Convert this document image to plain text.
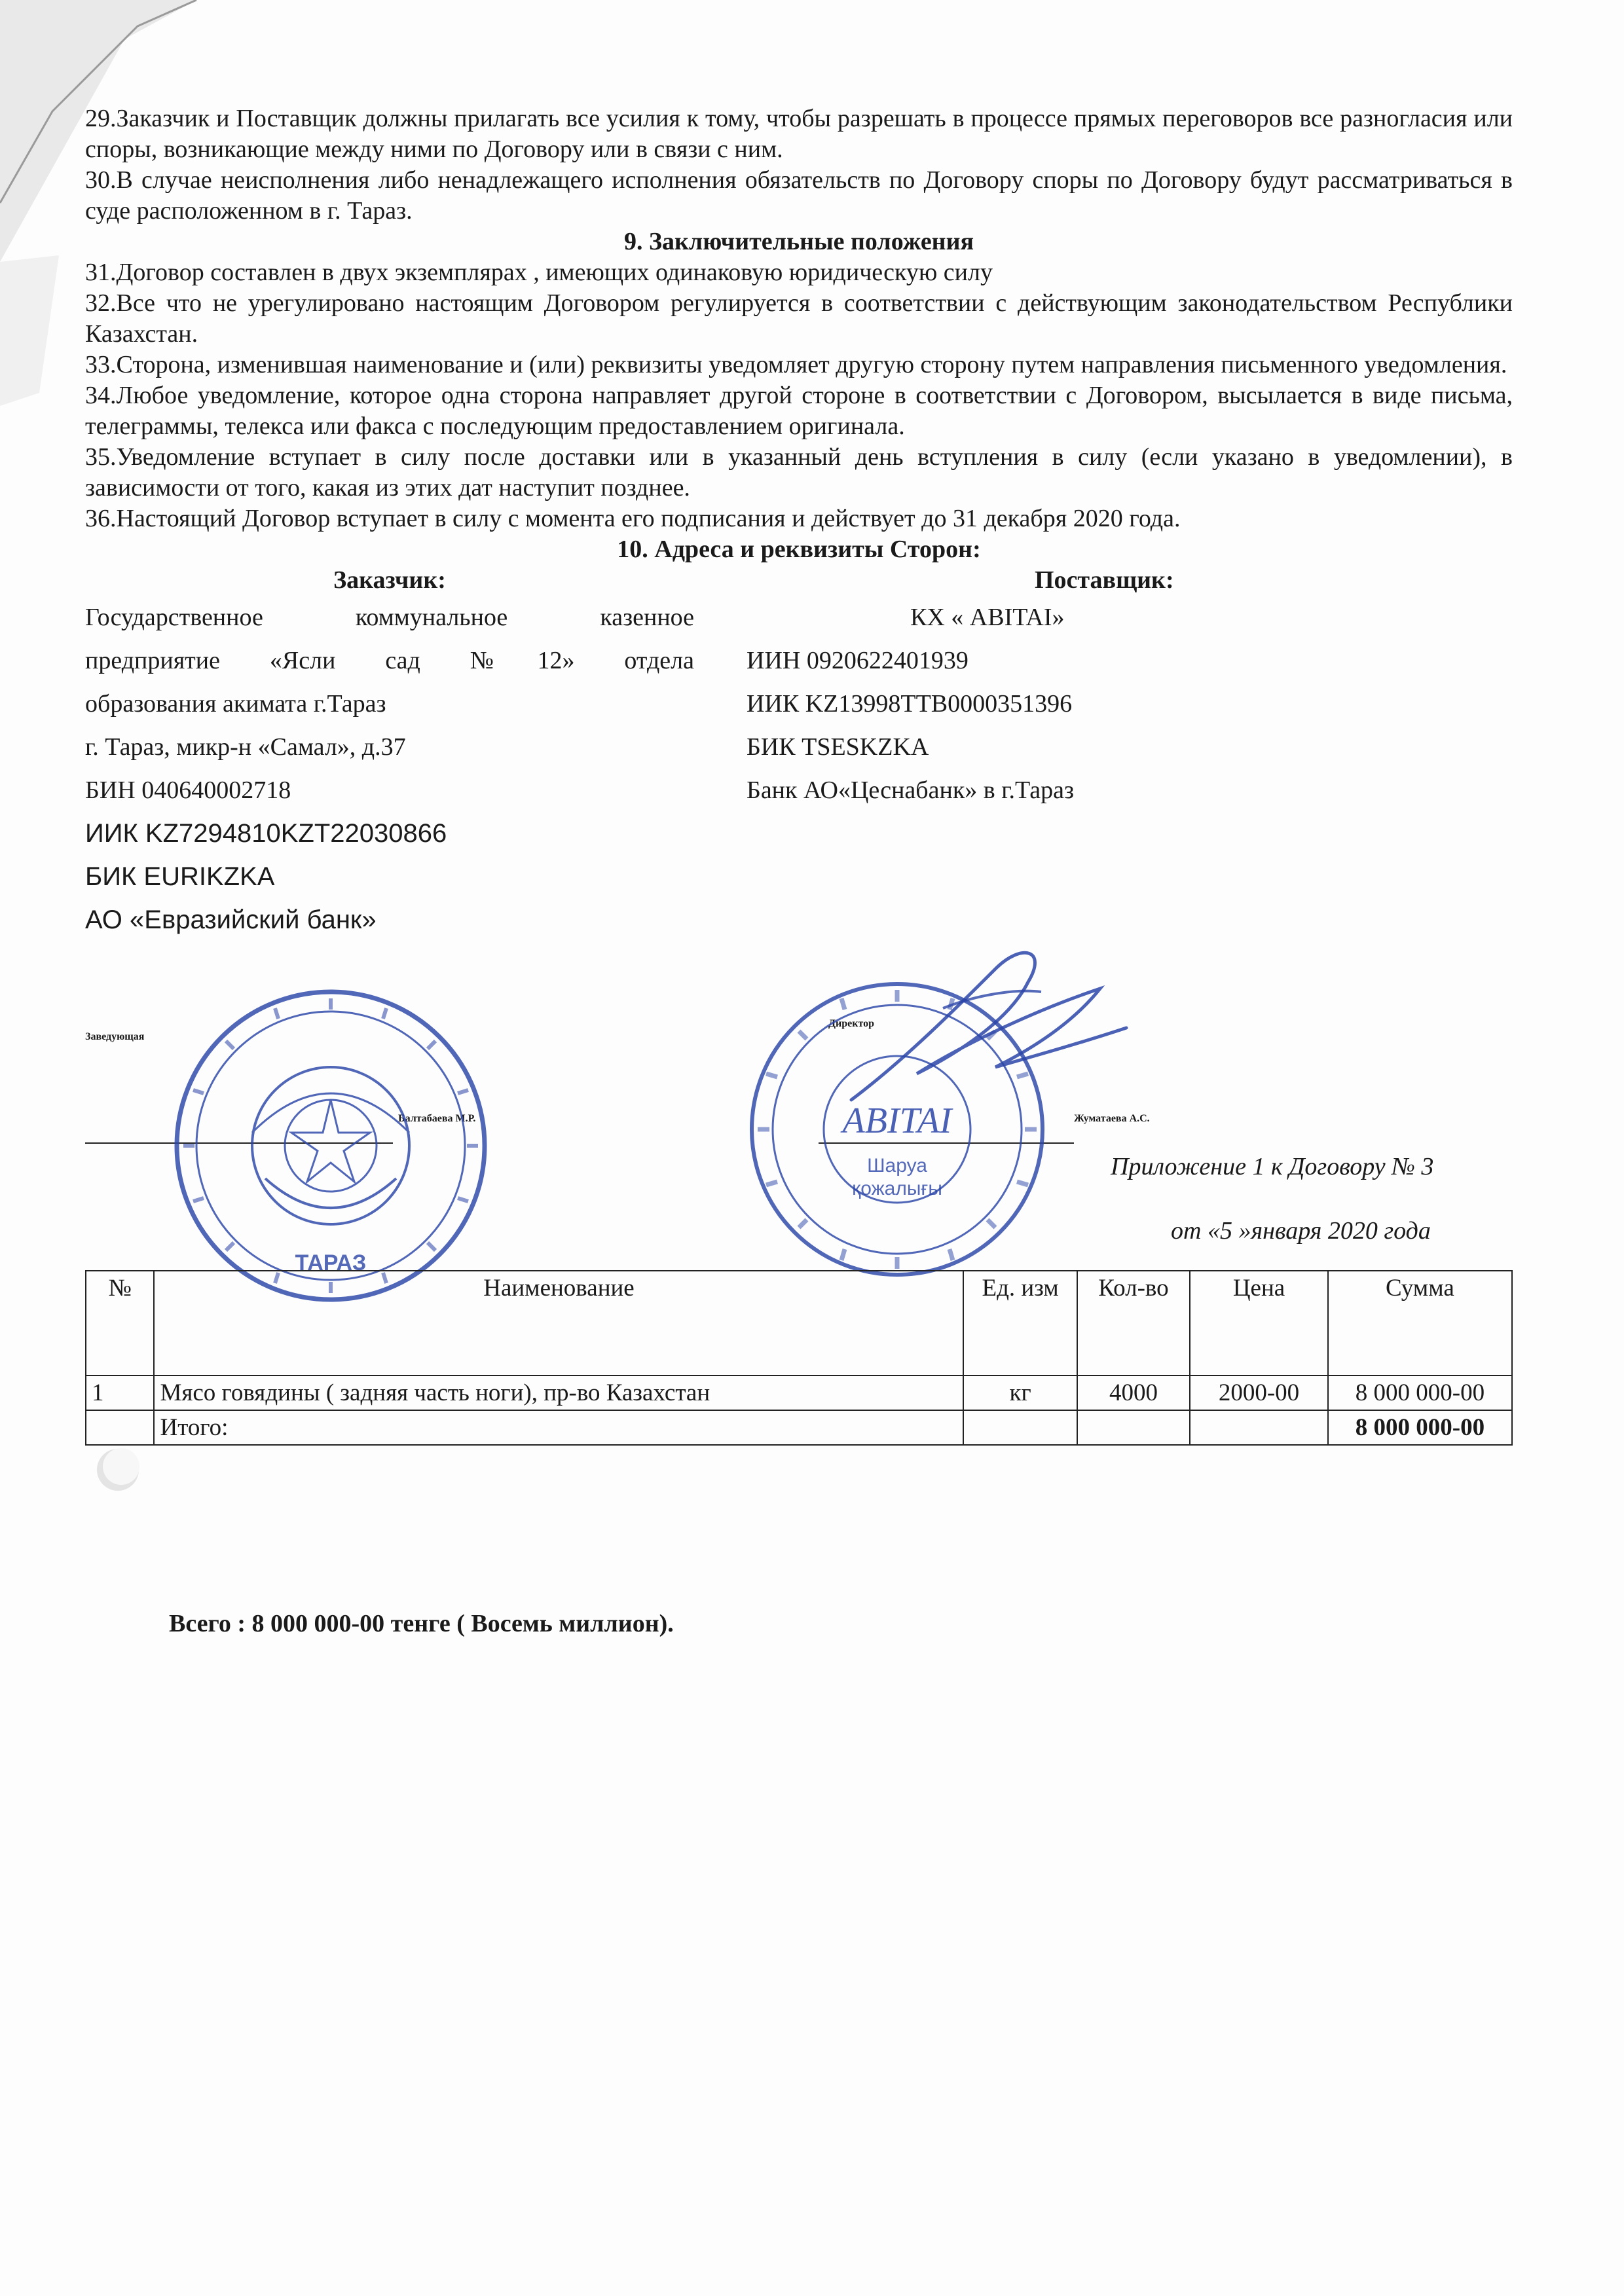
29.Заказчик и Поставщик должны прилагать все усилия к тому, чтобы разрешать в процессе прямых переговоров все разногласия или споры, возникающие между ними по Договору или в связи с ним.

30.В случае неисполнения либо ненадлежащего исполнения обязательств по Договору споры по Договору будут рассматриваться в суде расположенном в г. Тараз.

9. Заключительные положения

31.Договор составлен в двух экземплярах , имеющих одинаковую юридическую силу

32.Все что не урегулировано настоящим Договором регулируется в соответствии с действующим законодательством Республики Казахстан.

33.Сторона, изменившая наименование и (или) реквизиты уведомляет другую сторону путем направления письменного уведомления.

34.Любое уведомление, которое одна сторона направляет другой стороне в соответствии с Договором, высылается в виде письма, телеграммы, телекса или факса с последующим предоставлением оригинала.

35.Уведомление вступает в силу после доставки или в указанный день вступления в силу (если указано в уведомлении), в зависимости от того, какая из этих дат наступит позднее.

36.Настоящий Договор вступает в силу с момента его подписания и действует до 31 декабря 2020 года.

10. Адреса и реквизиты Сторон:

Заказчик:
Государственное коммунальное казенное
предприятие «Ясли сад №12» отдела
образования акимата г.Тараз
г. Тараз, микр-н «Самал», д.37
БИН 040640002718
ИИК KZ7294810KZT22030866
БИК EURIKZKA
АО «Евразийский банк»
Поставщик:
КХ « ABITAI»
ИИН 0920622401939
ИИК KZ13998TTB0000351396
БИК TSESKZKA
Банк АО«Цеснабанк» в г.Тараз
Заведующая
Балтабаева М.Р.
Директор
Жуматаева А.С.
ТАРАЗ
ABITAI
Шаруа
қожалығы
Приложение 1 к Договору № 3
от «5 »января 2020 года
№	Наименование	Ед. изм	Кол-во	Цена	Сумма
1	Мясо говядины ( задняя часть ноги), пр-во Казахстан	кг	4000	2000-00	8 000 000-00
	Итого:				8 000 000-00
Всего : 8 000 000-00 тенге ( Восемь миллион).
